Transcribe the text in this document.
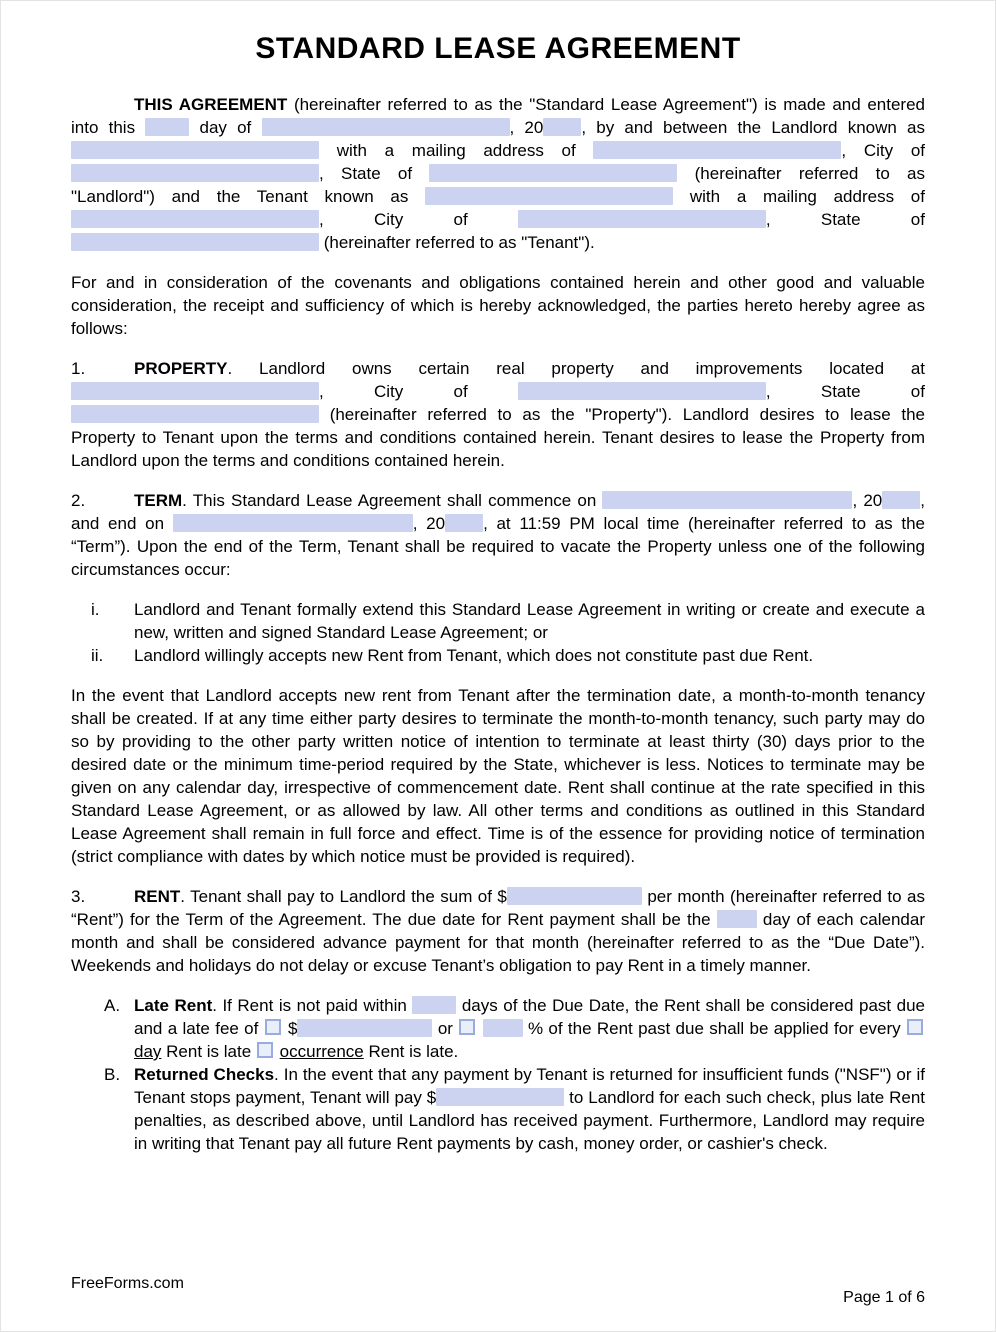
STANDARD LEASE AGREEMENT
THIS AGREEMENT (hereinafter referred to as the "Standard Lease Agreement") is made and entered into this	day of	, 20 , by and between the Landlord known as  with a mailing address of	, City of , State of	(hereinafter referred to as "Landlord") and the Tenant known as	with a mailing address of , City of	, State of  (hereinafter referred to as "Tenant").
For and in consideration of the covenants and obligations contained herein and other good and valuable consideration, the receipt and sufficiency of which is hereby acknowledged, the parties hereto hereby agree as follows:
1.	PROPERTY. Landlord owns certain real property and improvements located at , City of	, State of  (hereinafter referred to as the "Property"). Landlord desires to lease the Property to Tenant upon the terms and conditions contained herein. Tenant desires to lease the Property from Landlord upon the terms and conditions contained herein.
2.	TERM. This Standard Lease Agreement shall commence on	, 20 , and end on	, 20 , at 11:59 PM local time (hereinafter referred to as the “Term”). Upon the end of the Term, Tenant shall be required to vacate the Property unless one of the following circumstances occur:
i. Landlord and Tenant formally extend this Standard Lease Agreement in writing or create and execute a new, written and signed Standard Lease Agreement; or
ii. Landlord willingly accepts new Rent from Tenant, which does not constitute past due Rent.
In the event that Landlord accepts new rent from Tenant after the termination date, a month-to-month tenancy shall be created. If at any time either party desires to terminate the month-to-month tenancy, such party may do so by providing to the other party written notice of intention to terminate at least thirty (30) days prior to the desired date or the minimum time-period required by the State, whichever is less. Notices to terminate may be given on any calendar day, irrespective of commencement date. Rent shall continue at the rate specified in this Standard Lease Agreement, or as allowed by law. All other terms and conditions as outlined in this Standard Lease Agreement shall remain in full force and effect. Time is of the essence for providing notice of termination (strict compliance with dates by which notice must be provided is required).
3.	RENT. Tenant shall pay to Landlord the sum of $	per month (hereinafter referred to as “Rent”) for the Term of the Agreement. The due date for Rent payment shall be the  day of each calendar month and shall be considered advance payment for that month (hereinafter referred to as the “Due Date”). Weekends and holidays do not delay or excuse Tenant’s obligation to pay Rent in a timely manner.
A. Late Rent. If Rent is not paid within	days of the Due Date, the Rent shall be considered past due and a late fee of  $	or	% of the Rent past due shall be applied for every  day Rent is late  occurrence Rent is late.
B. Returned Checks. In the event that any payment by Tenant is returned for insufficient funds ("NSF") or if Tenant stops payment, Tenant will pay $	to Landlord for each such check, plus late Rent penalties, as described above, until Landlord has received payment. Furthermore, Landlord may require in writing that Tenant pay all future Rent payments by cash, money order, or cashier's check.
FreeForms.com
Page 1 of 6
